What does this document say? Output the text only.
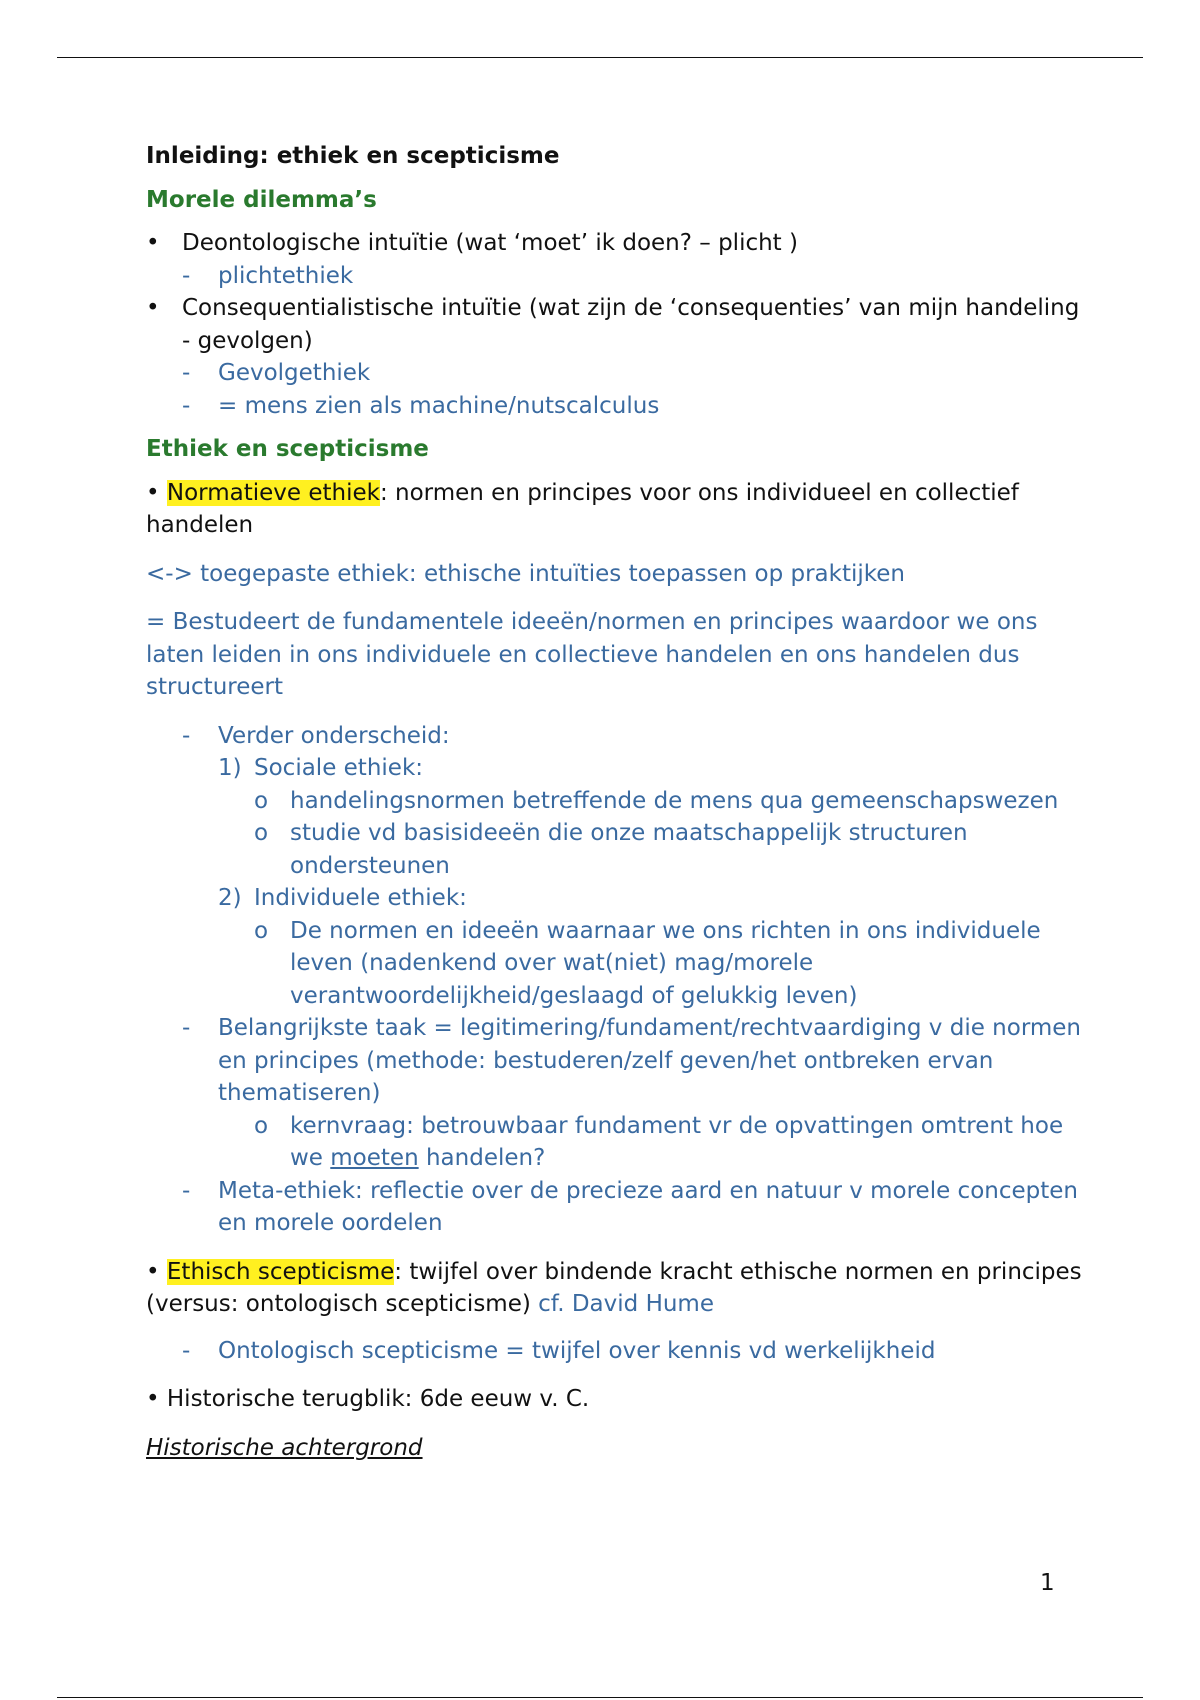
Inleiding: ethiek en scepticisme
Morele dilemma’s
• Deontologische intuïtie (wat ‘moet’ ik doen? – plicht )
-	plichtethiek
• Consequentialistische intuïtie (wat zijn de ‘consequenties’ van mijn handeling - gevolgen)
-	Gevolgethiek
-	= mens zien als machine/nutscalculus
Ethiek en scepticisme

• Normatieve ethiek: normen en principes voor ons individueel en collectief handelen

<-> toegepaste ethiek: ethische intuïties toepassen op praktijken

= Bestudeert de fundamentele ideeën/normen en principes waardoor we ons laten leiden in ons individuele en collectieve handelen en ons handelen dus structureert

-	Verder onderscheid:
1) Sociale ethiek:
o handelingsnormen betreffende de mens qua gemeenschapswezen
o studie vd basisideeën die onze maatschappelijk structuren ondersteunen
2) Individuele ethiek:
o De normen en ideeën waarnaar we ons richten in ons individuele leven (nadenkend over wat(niet) mag/morele verantwoordelijkheid/geslaagd of gelukkig leven)
-	Belangrijkste taak = legitimering/fundament/rechtvaardiging v die normen en principes (methode: bestuderen/zelf geven/het ontbreken ervan thematiseren)
o kernvraag: betrouwbaar fundament vr de opvattingen omtrent hoe we moeten handelen?
-	Meta-ethiek: reflectie over de precieze aard en natuur v morele concepten en morele oordelen

• Ethisch scepticisme: twijfel over bindende kracht ethische normen en principes (versus: ontologisch scepticisme) cf. David Hume

-	Ontologisch scepticisme = twijfel over kennis vd werkelijkheid

• Historische terugblik: 6de eeuw v. C.

Historische achtergrond

1
